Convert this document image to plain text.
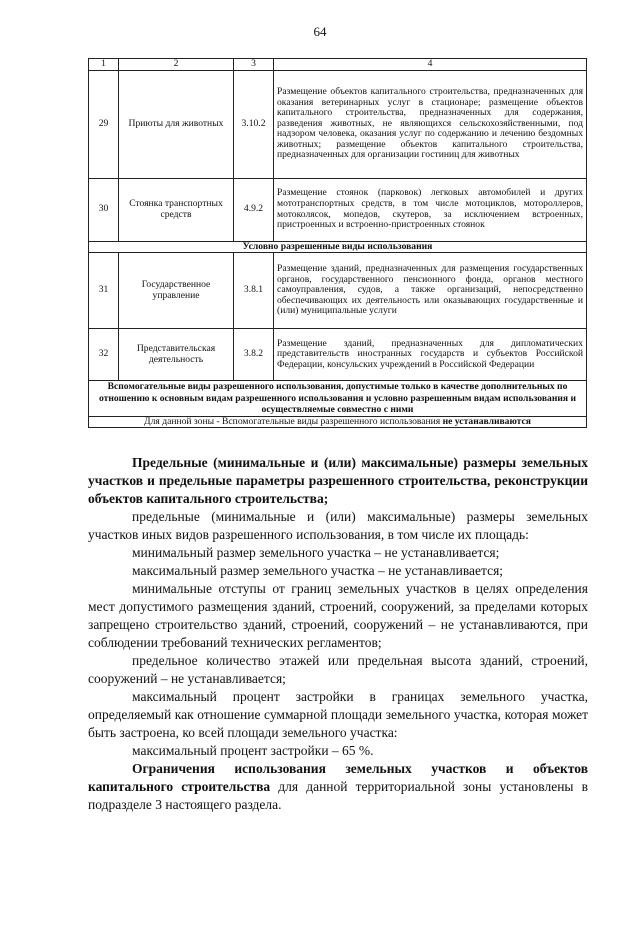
64
1	2	3	4
29	Приюты для животных	3.10.2	Размещение объектов капитального строительства, предназначенных для оказания ветеринарных услуг в стационаре; размещение объектов капитального строительства, предназначенных для содержания, разведения животных, не являющихся сельскохозяйственными, под надзором человека, оказания услуг по содержанию и лечению бездомных животных; размещение объектов капитального строительства, предназначенных для организации гостиниц для животных
30	Стоянка транспортных средств	4.9.2	Размещение стоянок (парковок) легковых автомобилей и других мототранспортных средств, в том числе мотоциклов, мотороллеров, мотоколясок, мопедов, скутеров, за исключением встроенных, пристроенных и встроенно-пристроенных стоянок
Условно разрешенные виды использования			
31	Государственное управление	3.8.1	Размещение зданий, предназначенных для размещения государственных органов, государственного пенсионного фонда, органов местного самоуправления, судов, а также организаций, непосредственно обеспечивающих их деятельность или оказывающих государственные и (или) муниципальные услуги
32	Представительская деятельность	3.8.2	Размещение зданий, предназначенных для дипломатических представительств иностранных государств и субъектов Российской Федерации, консульских учреждений в Российской Федерации
Вспомогательные виды разрешенного использования, допустимые только в качестве дополнительных по отношению к основным видам разрешенного использования и условно разрешенным видам использования и осуществляемые совместно с ними			
Для данной зоны - Вспомогательные виды разрешенного использования не устанавливаются			

Предельные (минимальные и (или) максимальные) размеры земельных участков и предельные параметры разрешенного строительства, реконструкции объектов капитального строительства;

предельные (минимальные и (или) максимальные) размеры земельных участков иных видов разрешенного использования, в том числе их площадь:

минимальный размер земельного участка – не устанавливается;

максимальный размер земельного участка – не устанавливается;

минимальные отступы от границ земельных участков в целях определения мест допустимого размещения зданий, строений, сооружений, за пределами которых запрещено строительство зданий, строений, сооружений – не устанавливаются, при соблюдении требований технических регламентов;

предельное количество этажей или предельная высота зданий, строений, сооружений – не устанавливается;

максимальный процент застройки в границах земельного участка, определяемый как отношение суммарной площади земельного участка, которая может быть застроена, ко всей площади земельного участка:

максимальный процент застройки – 65 %.

Ограничения использования земельных участков и объектов капитального строительства для данной территориальной зоны установлены в подразделе 3 настоящего раздела.
